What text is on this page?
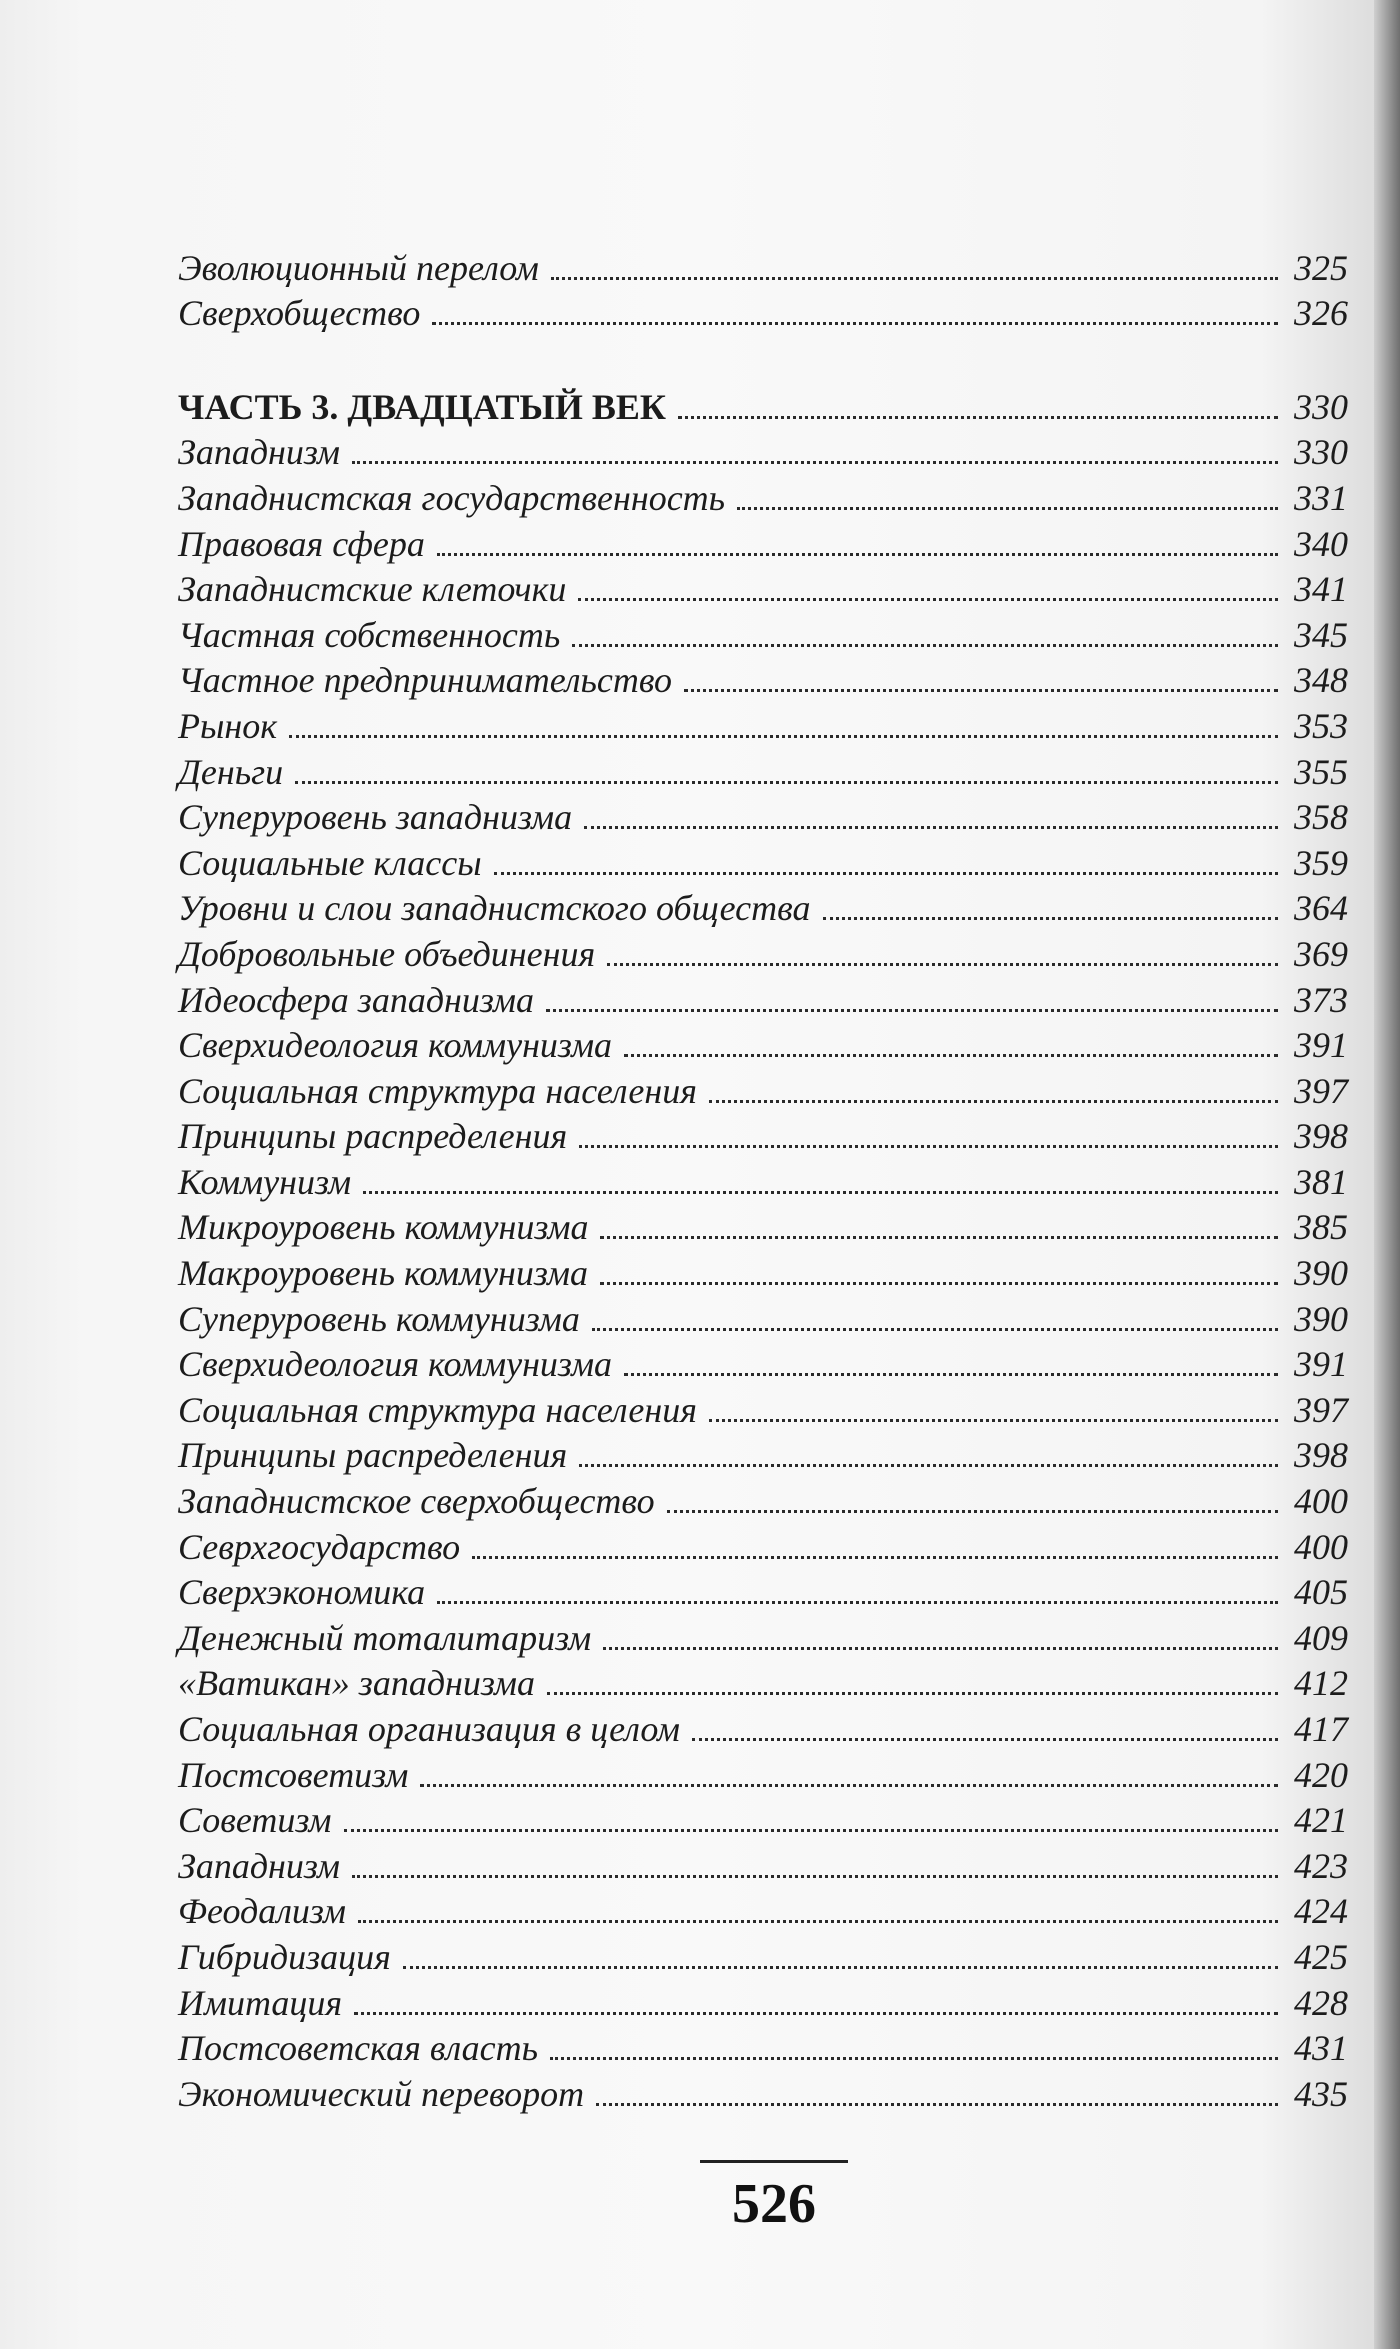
Эволюционный перелом	325
Сверхобщество	326
ЧАСТЬ 3. ДВАДЦАТЫЙ ВЕК	330
Западнизм	330
Западнистская государственность	331
Правовая сфера	340
Западнистские клеточки	341
Частная собственность	345
Частное предпринимательство	348
Рынок	353
Деньги	355
Суперуровень западнизма	358
Социальные классы	359
Уровни и слои западнистского общества	364
Добровольные объединения	369
Идеосфера западнизма	373
Сверхидеология коммунизма	391
Социальная структура населения	397
Принципы распределения	398
Коммунизм	381
Микроуровень коммунизма	385
Макроуровень коммунизма	390
Суперуровень коммунизма	390
Сверхидеология коммунизма	391
Социальная структура населения	397
Принципы распределения	398
Западнистское сверхобщество	400
Севрхгосударство	400
Сверхэкономика	405
Денежный тоталитаризм	409
«Ватикан» западнизма	412
Социальная организация в целом	417
Постсоветизм	420
Советизм	421
Западнизм	423
Феодализм	424
Гибридизация	425
Имитация	428
Постсоветская власть	431
Экономический переворот	435
526
